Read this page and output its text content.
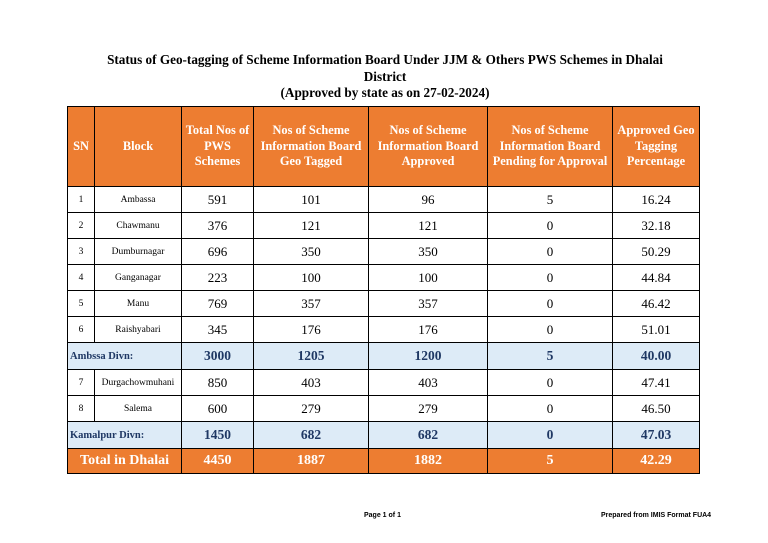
Status of Geo-tagging of Scheme Information Board Under JJM & Others PWS Schemes in Dhalai
District
(Approved by state as on 27-02-2024)
SN	Block	Total Nos of PWS Schemes	Nos of Scheme Information Board Geo Tagged	Nos of Scheme Information Board Approved	Nos of Scheme Information Board Pending for Approval	Approved Geo Tagging Percentage
1	Ambassa	591	101	96	5	16.24
2	Chawmanu	376	121	121	0	32.18
3	Dumburnagar	696	350	350	0	50.29
4	Ganganagar	223	100	100	0	44.84
5	Manu	769	357	357	0	46.42
6	Raishyabari	345	176	176	0	51.01
Ambssa Divn:		3000	1205	1200	5	40.00
7	Durgachowmuhani	850	403	403	0	47.41
8	Salema	600	279	279	0	46.50
Kamalpur Divn:		1450	682	682	0	47.03
Total in Dhalai		4450	1887	1882	5	42.29
Page 1 of 1	Prepared from IMIS Format FUA4
